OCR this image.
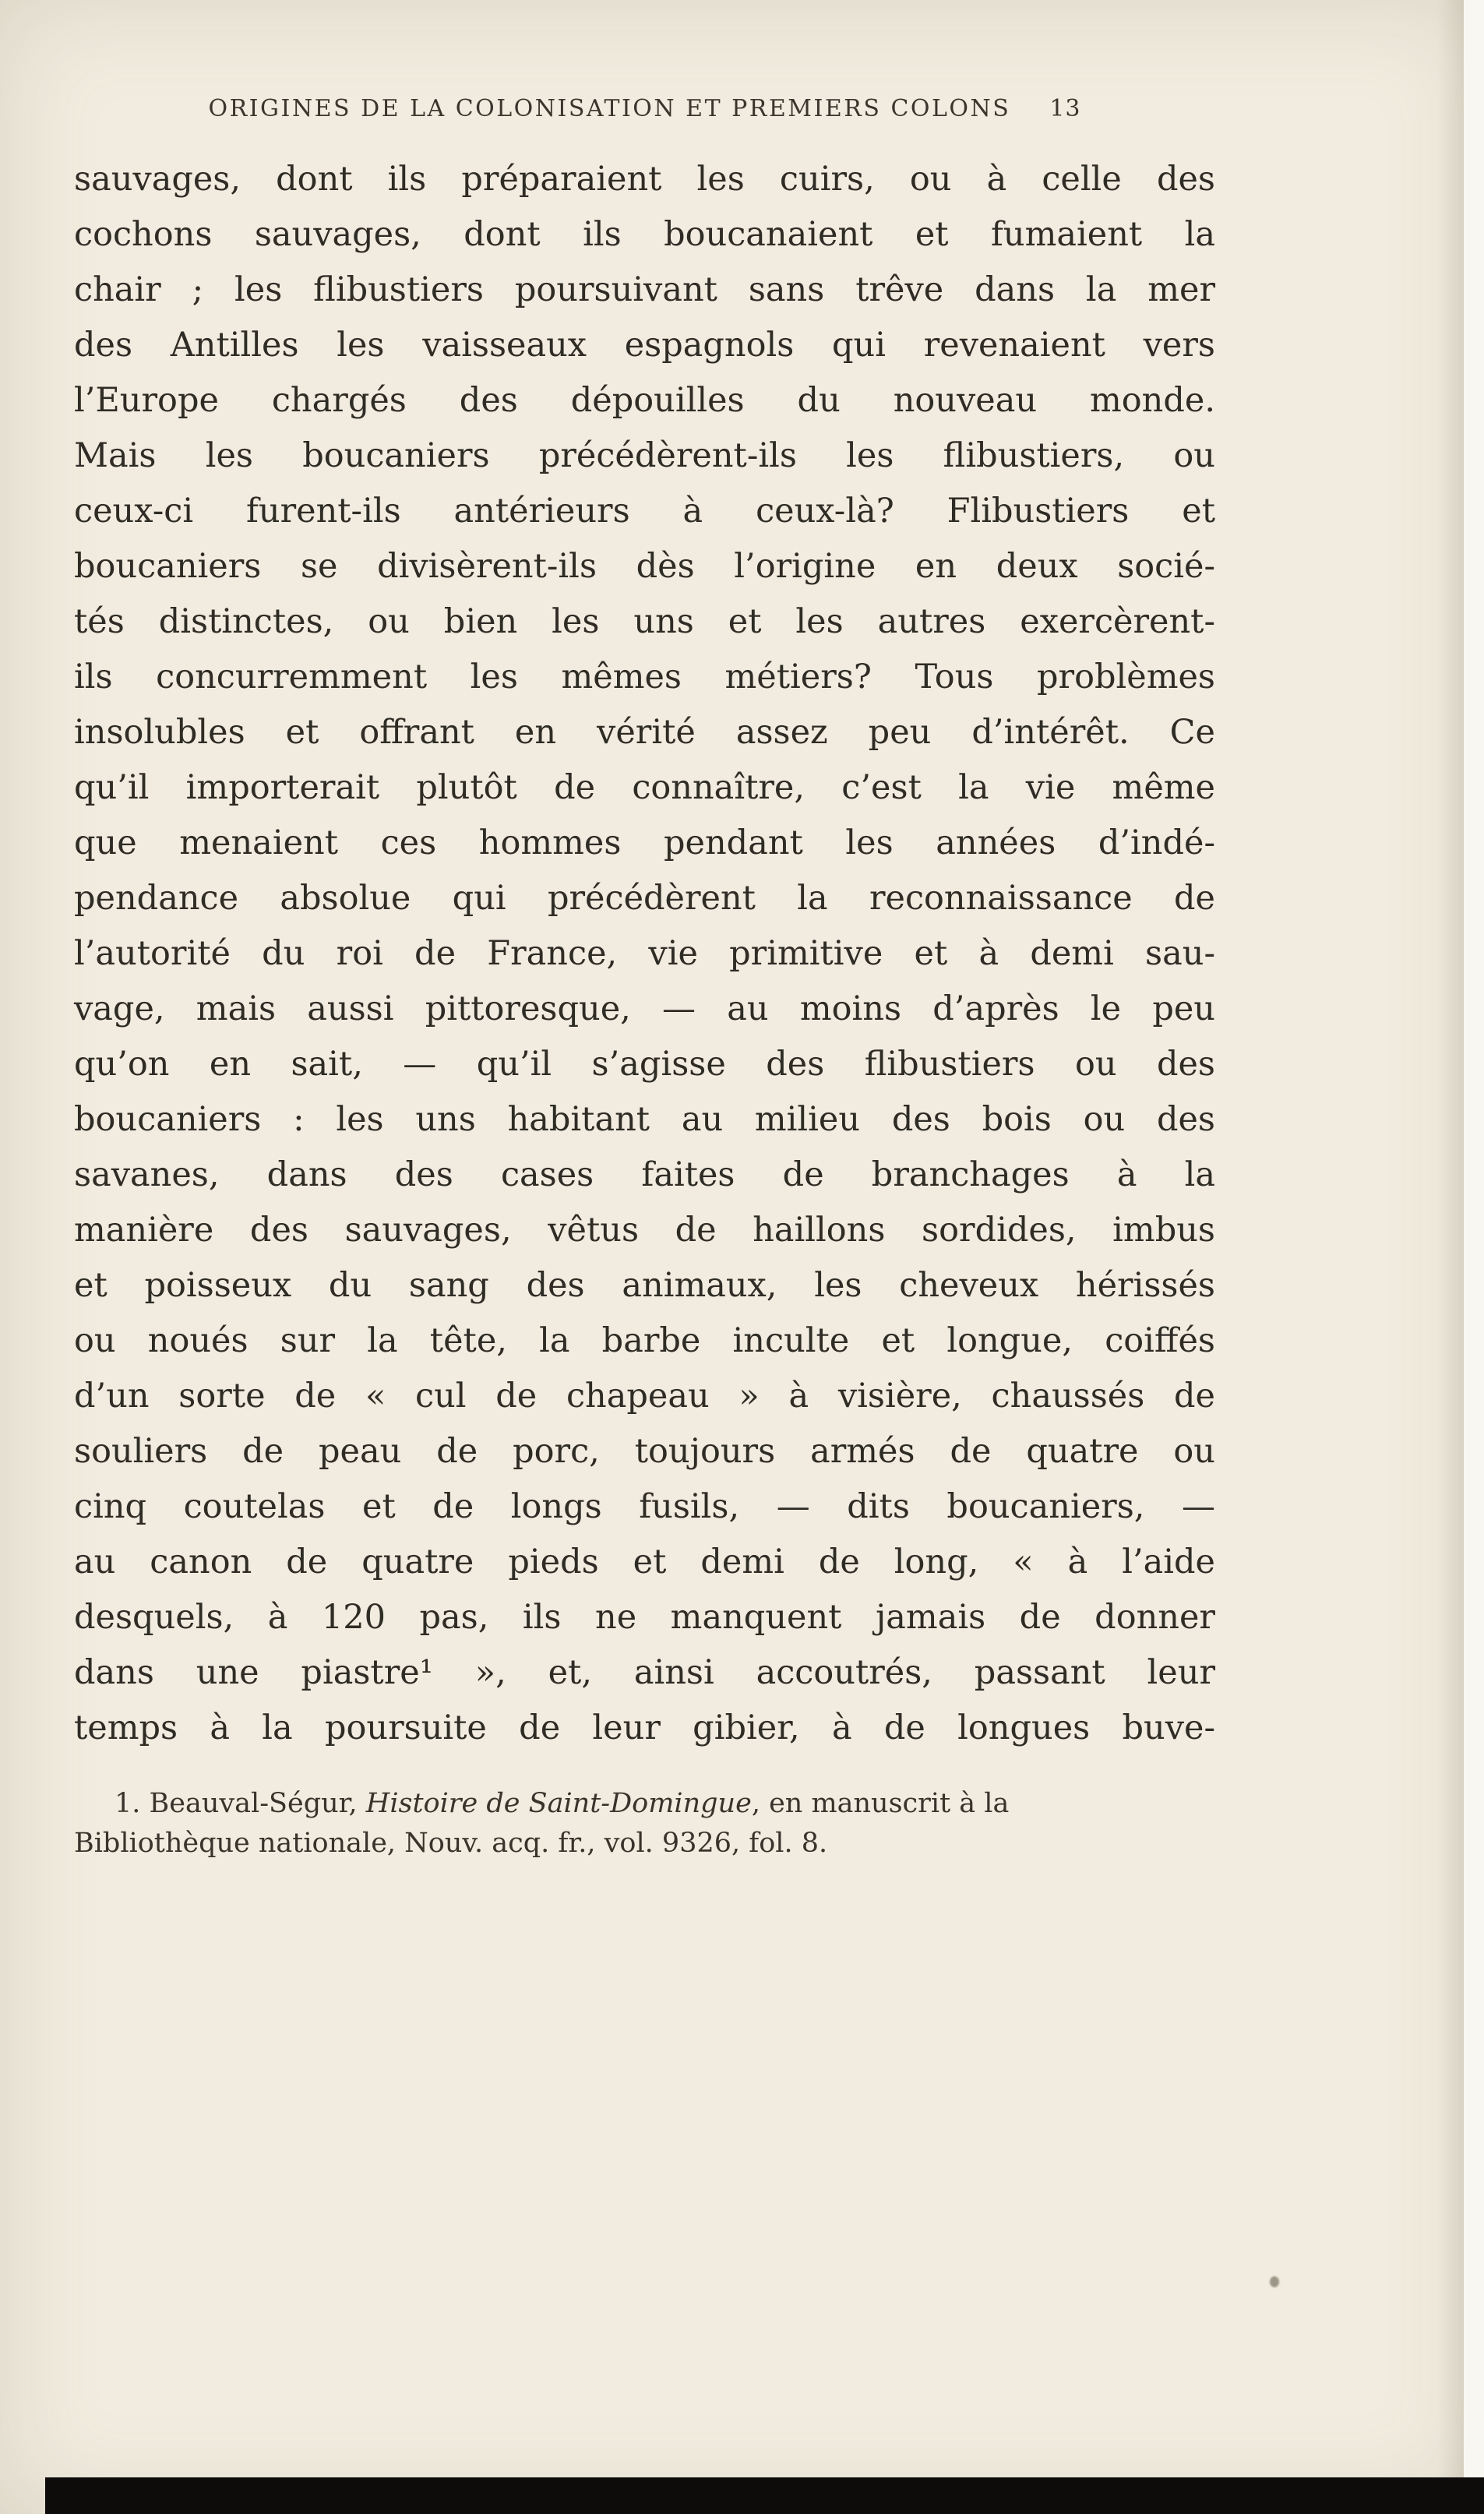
ORIGINES DE LA COLONISATION ET PREMIERS COLONS 13
sauvages, dont ils préparaient les cuirs, ou à celle des
cochons sauvages, dont ils boucanaient et fumaient la
chair ; les flibustiers poursuivant sans trêve dans la mer
des Antilles les vaisseaux espagnols qui revenaient vers
l’Europe chargés des dépouilles du nouveau monde.
Mais les boucaniers précédèrent-ils les flibustiers, ou
ceux-ci furent-ils antérieurs à ceux-là? Flibustiers et
boucaniers se divisèrent-ils dès l’origine en deux socié-
tés distinctes, ou bien les uns et les autres exercèrent-
ils concurremment les mêmes métiers? Tous problèmes
insolubles et offrant en vérité assez peu d’intérêt. Ce
qu’il importerait plutôt de connaître, c’est la vie même
que menaient ces hommes pendant les années d’indé-
pendance absolue qui précédèrent la reconnaissance de
l’autorité du roi de France, vie primitive et à demi sau-
vage, mais aussi pittoresque, — au moins d’après le peu
qu’on en sait, — qu’il s’agisse des flibustiers ou des
boucaniers : les uns habitant au milieu des bois ou des
savanes, dans des cases faites de branchages à la
manière des sauvages, vêtus de haillons sordides, imbus
et poisseux du sang des animaux, les cheveux hérissés
ou noués sur la tête, la barbe inculte et longue, coiffés
d’un sorte de « cul de chapeau » à visière, chaussés de
souliers de peau de porc, toujours armés de quatre ou
cinq coutelas et de longs fusils, — dits boucaniers, —
au canon de quatre pieds et demi de long, « à l’aide
desquels, à 120 pas, ils ne manquent jamais de donner
dans une piastre¹ », et, ainsi accoutrés, passant leur
temps à la poursuite de leur gibier, à de longues buve-
1. Beauval-Ségur, Histoire de Saint-Domingue, en manuscrit à la
Bibliothèque nationale, Nouv. acq. fr., vol. 9326, fol. 8.
